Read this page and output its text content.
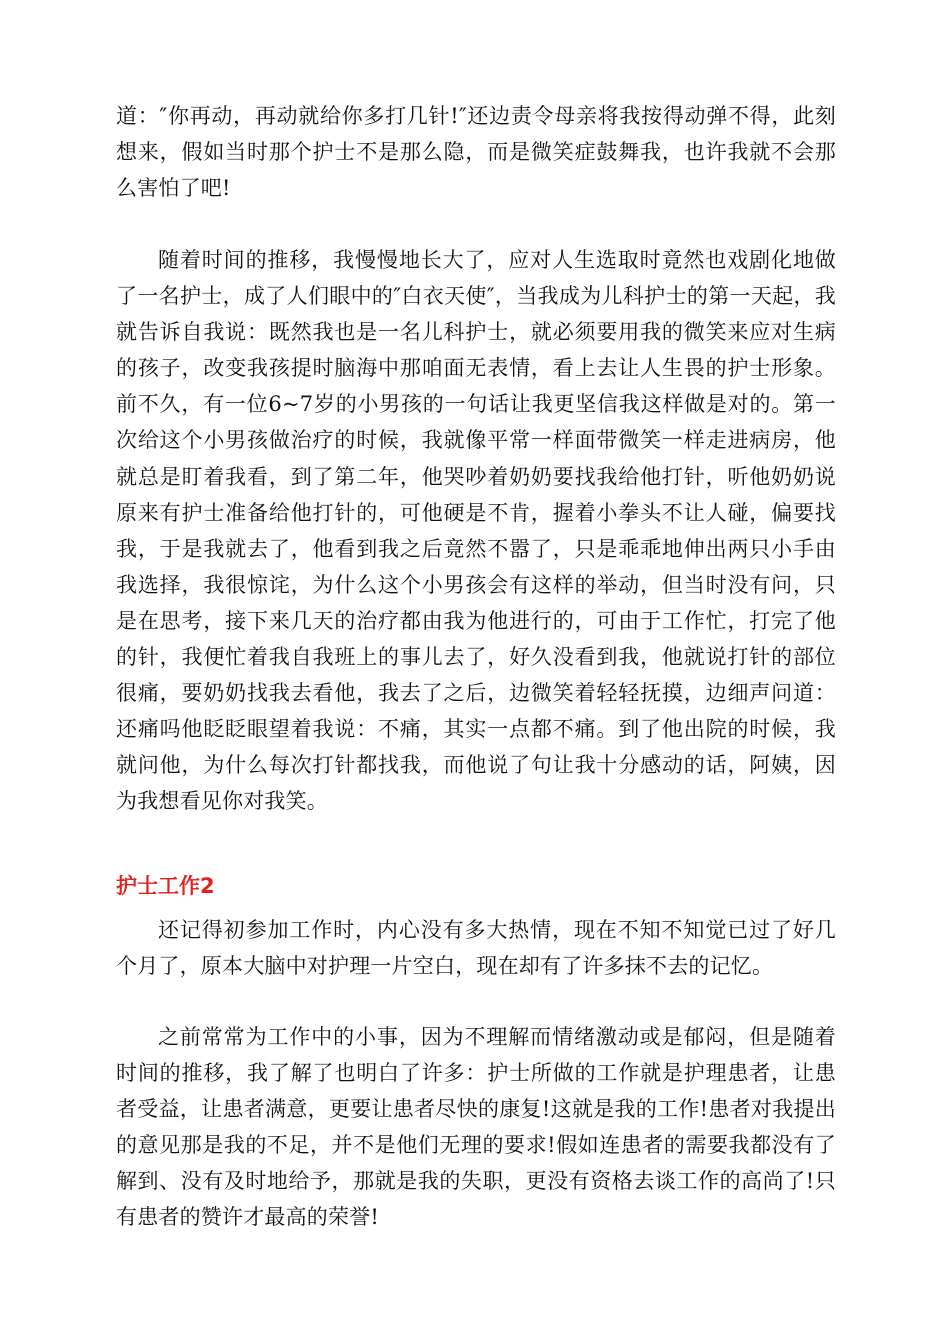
道：″你再动，再动就给你多打几针!″还边责令母亲将我按得动弹不得，此刻想来，假如当时那个护士不是那么隐，而是微笑症鼓舞我，也许我就不会那么害怕了吧!

随着时间的推移，我慢慢地长大了，应对人生选取时竟然也戏剧化地做了一名护士，成了人们眼中的″白衣天使″，当我成为儿科护士的第一天起，我就告诉自我说：既然我也是一名儿科护士，就必须要用我的微笑来应对生病的孩子，改变我孩提时脑海中那咱面无表情，看上去让人生畏的护士形象。前不久，有一位6~7岁的小男孩的一句话让我更坚信我这样做是对的。第一次给这个小男孩做治疗的时候，我就像平常一样面带微笑一样走进病房，他就总是盯着我看，到了第二年，他哭吵着奶奶要找我给他打针，听他奶奶说原来有护士准备给他打针的，可他硬是不肯，握着小拳头不让人碰，偏要找我，于是我就去了，他看到我之后竟然不嚣了，只是乖乖地伸出两只小手由我选择，我很惊诧，为什么这个小男孩会有这样的举动，但当时没有问，只是在思考，接下来几天的治疗都由我为他进行的，可由于工作忙，打完了他的针，我便忙着我自我班上的事儿去了，好久没看到我，他就说打针的部位很痛，要奶奶找我去看他，我去了之后，边微笑着轻轻抚摸，边细声问道：还痛吗他眨眨眼望着我说：不痛，其实一点都不痛。到了他出院的时候，我就问他，为什么每次打针都找我，而他说了句让我十分感动的话，阿姨，因为我想看见你对我笑。

护士工作2

还记得初参加工作时，内心没有多大热情，现在不知不知觉已过了好几个月了，原本大脑中对护理一片空白，现在却有了许多抹不去的记忆。

之前常常为工作中的小事，因为不理解而情绪激动或是郁闷，但是随着时间的推移，我了解了也明白了许多：护士所做的工作就是护理患者，让患者受益，让患者满意，更要让患者尽快的康复!这就是我的工作!患者对我提出的意见那是我的不足，并不是他们无理的要求!假如连患者的需要我都没有了解到、没有及时地给予，那就是我的失职，更没有资格去谈工作的高尚了!只有患者的赞许才最高的荣誉!
